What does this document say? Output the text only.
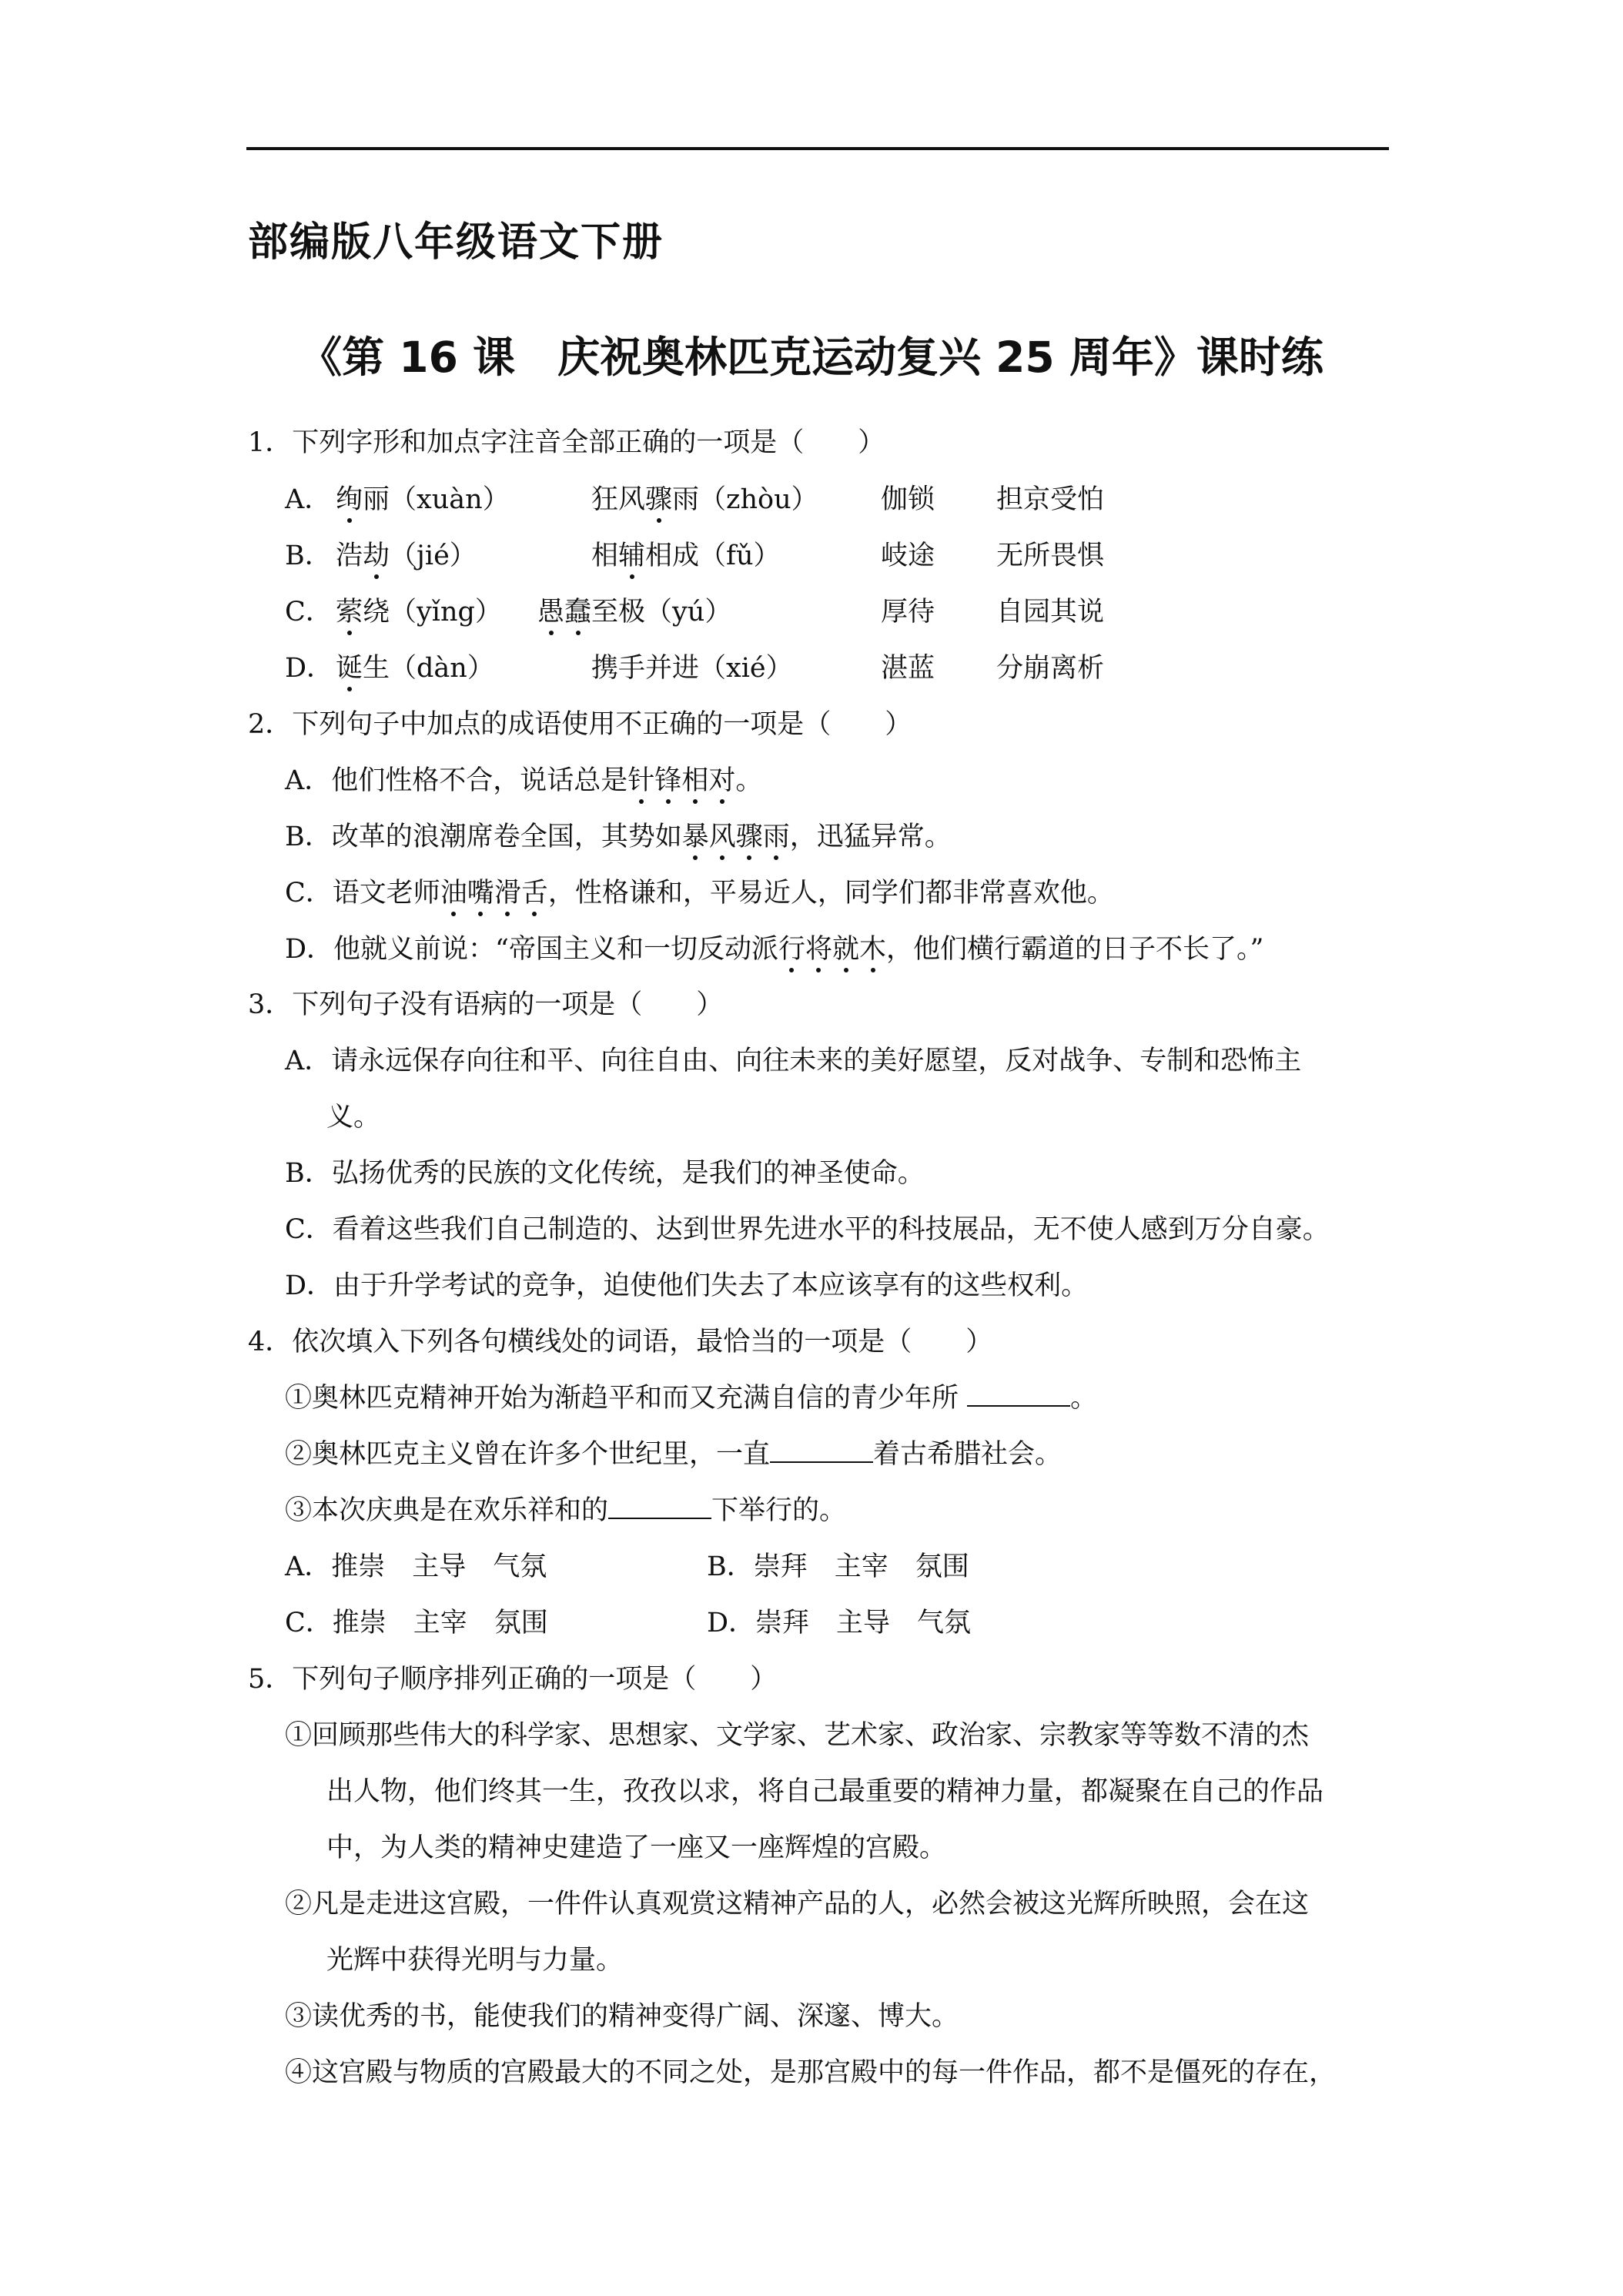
部编版八年级语文下册
《第 16 课　庆祝奥林匹克运动复兴 25 周年》课时练
1．下列字形和加点字注音全部正确的一项是（　　）
A． 绚丽（xuàn）	狂风骤雨（zhòu） 伽锁 担京受怕
B． 浩劫（jié）	相辅相成（fǔ）	岐途 无所畏惧
C． 萦绕（yǐng） 愚蠢至极（yú）	厚待 自园其说
D． 诞生（dàn）	携手并进（xié）	湛蓝 分崩离析
2．下列句子中加点的成语使用不正确的一项是（　　）
A．他们性格不合，说话总是针锋相对。
B．改革的浪潮席卷全国，其势如暴风骤雨，迅猛异常。
C．语文老师油嘴滑舌，性格谦和，平易近人，同学们都非常喜欢他。
D．他就义前说：“帝国主义和一切反动派行将就木，他们横行霸道的日子不长了。”
3．下列句子没有语病的一项是（　　）
A．请永远保存向往和平、向往自由、向往未来的美好愿望，反对战争、专制和恐怖主
义。
B．弘扬优秀的民族的文化传统，是我们的神圣使命。
C．看着这些我们自己制造的、达到世界先进水平的科技展品，无不使人感到万分自豪。
D．由于升学考试的竞争，迫使他们失去了本应该享有的这些权利。
4．依次填入下列各句横线处的词语，最恰当的一项是（　　）
①奥林匹克精神开始为渐趋平和而又充满自信的青少年所	。
②奥林匹克主义曾在许多个世纪里，一直	着古希腊社会。
③本次庆典是在欢乐祥和的	下举行的。
A．推崇　主导　气氛	B．崇拜　主宰　氛围
C．推崇　主宰　氛围	D．崇拜　主导　气氛
5．下列句子顺序排列正确的一项是（　　）
①回顾那些伟大的科学家、思想家、文学家、艺术家、政治家、宗教家等等数不清的杰
出人物，他们终其一生，孜孜以求，将自己最重要的精神力量，都凝聚在自己的作品
中，为人类的精神史建造了一座又一座辉煌的宫殿。
②凡是走进这宫殿，一件件认真观赏这精神产品的人，必然会被这光辉所映照，会在这
光辉中获得光明与力量。
③读优秀的书，能使我们的精神变得广阔、深邃、博大。
④这宫殿与物质的宫殿最大的不同之处，是那宫殿中的每一件作品，都不是僵死的存在，
